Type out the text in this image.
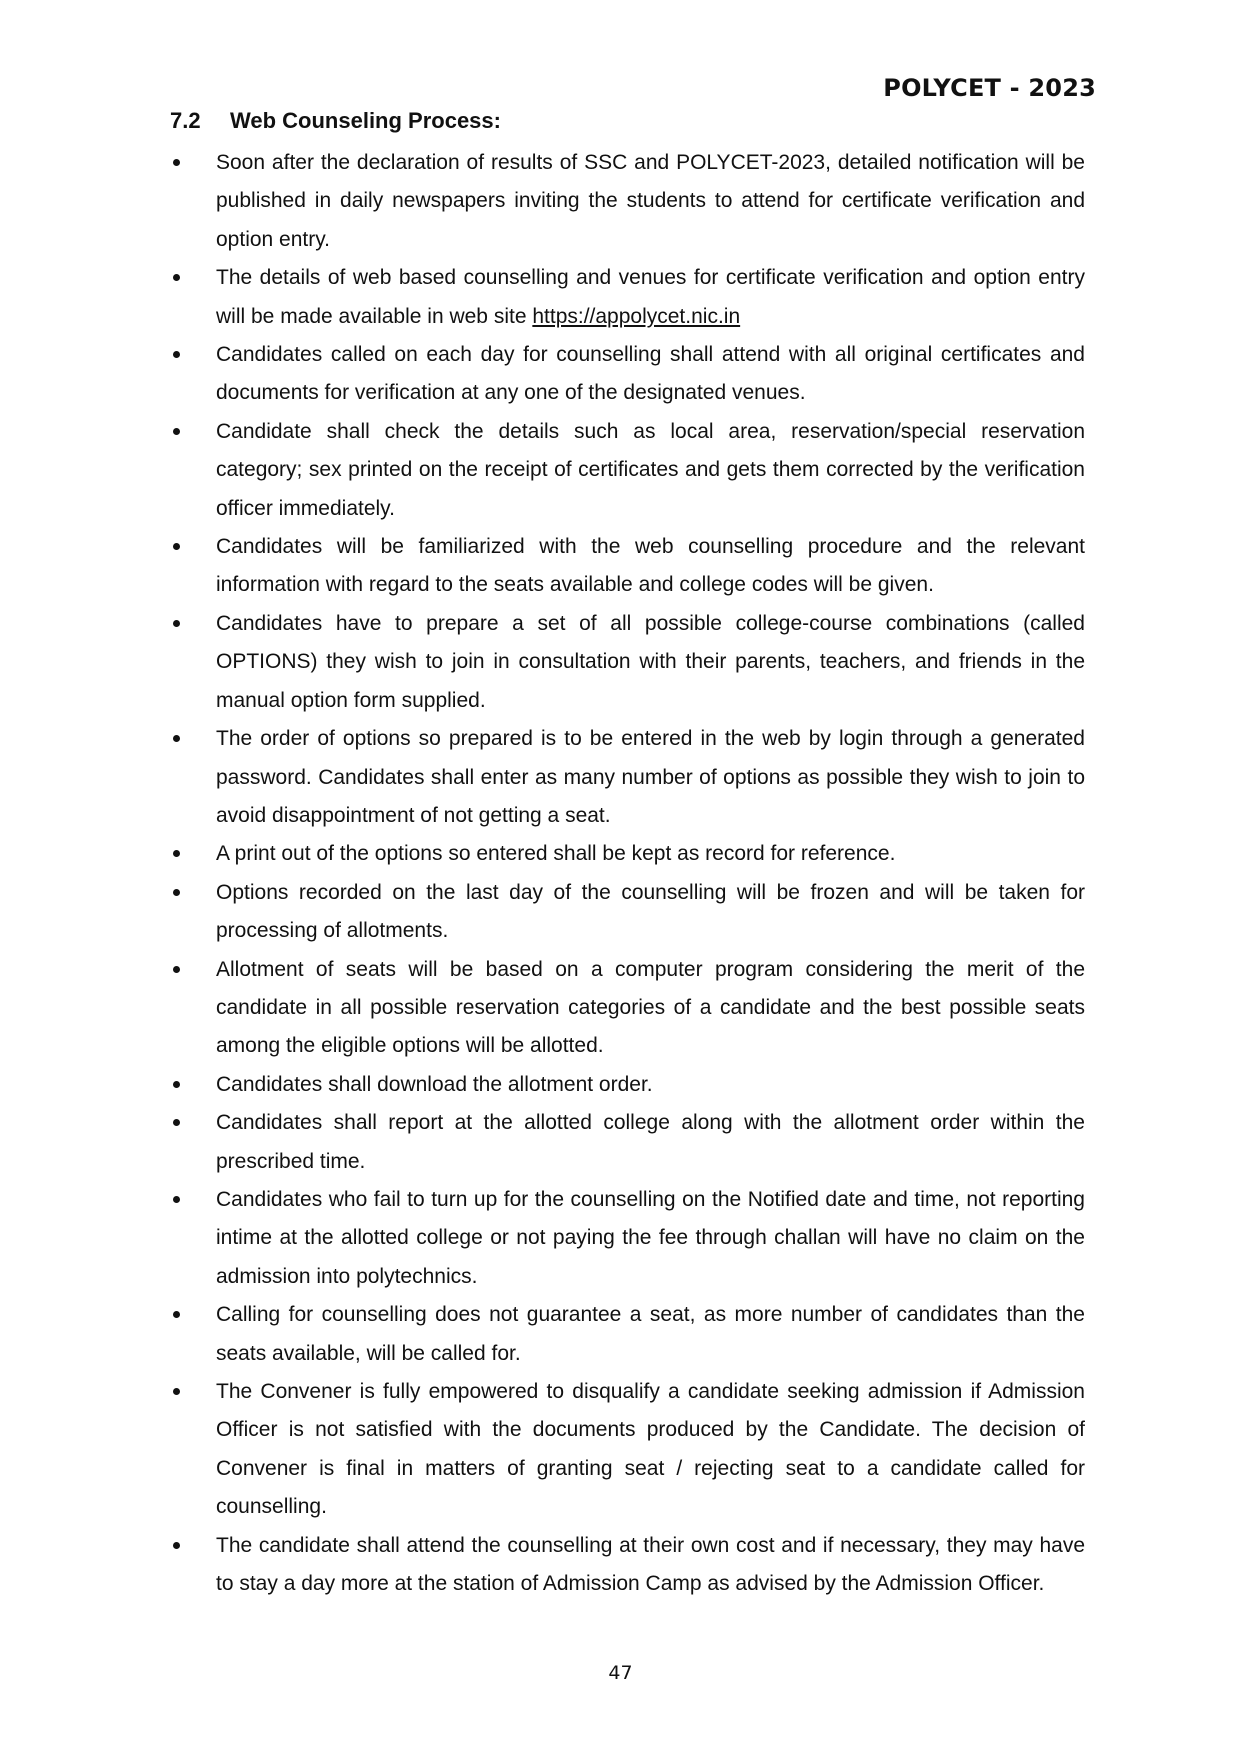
POLYCET - 2023
7.2 Web Counseling Process:
Soon after the declaration of results of SSC and POLYCET-2023, detailed notification will be published in daily newspapers inviting the students to attend for certificate verification and option entry.
The details of web based counselling and venues for certificate verification and option entry will be made available in web site https://appolycet.nic.in
Candidates called on each day for counselling shall attend with all original certificates and documents for verification at any one of the designated venues.
Candidate shall check the details such as local area, reservation/special reservation category; sex printed on the receipt of certificates and gets them corrected by the verification officer immediately.
Candidates will be familiarized with the web counselling procedure and the relevant information with regard to the seats available and college codes will be given.
Candidates have to prepare a set of all possible college-course combinations (called OPTIONS) they wish to join in consultation with their parents, teachers, and friends in the manual option form supplied.
The order of options so prepared is to be entered in the web by login through a generated password. Candidates shall enter as many number of options as possible they wish to join to avoid disappointment of not getting a seat.
A print out of the options so entered shall be kept as record for reference.
Options recorded on the last day of the counselling will be frozen and will be taken for processing of allotments.
Allotment of seats will be based on a computer program considering the merit of the candidate in all possible reservation categories of a candidate and the best possible seats among the eligible options will be allotted.
Candidates shall download the allotment order.
Candidates shall report at the allotted college along with the allotment order within the prescribed time.
Candidates who fail to turn up for the counselling on the Notified date and time, not reporting intime at the allotted college or not paying the fee through challan will have no claim on the admission into polytechnics.
Calling for counselling does not guarantee a seat, as more number of candidates than the seats available, will be called for.
The Convener is fully empowered to disqualify a candidate seeking admission if Admission Officer is not satisfied with the documents produced by the Candidate. The decision of Convener is final in matters of granting seat / rejecting seat to a candidate called for counselling.
The candidate shall attend the counselling at their own cost and if necessary, they may have to stay a day more at the station of Admission Camp as advised by the Admission Officer.
47
